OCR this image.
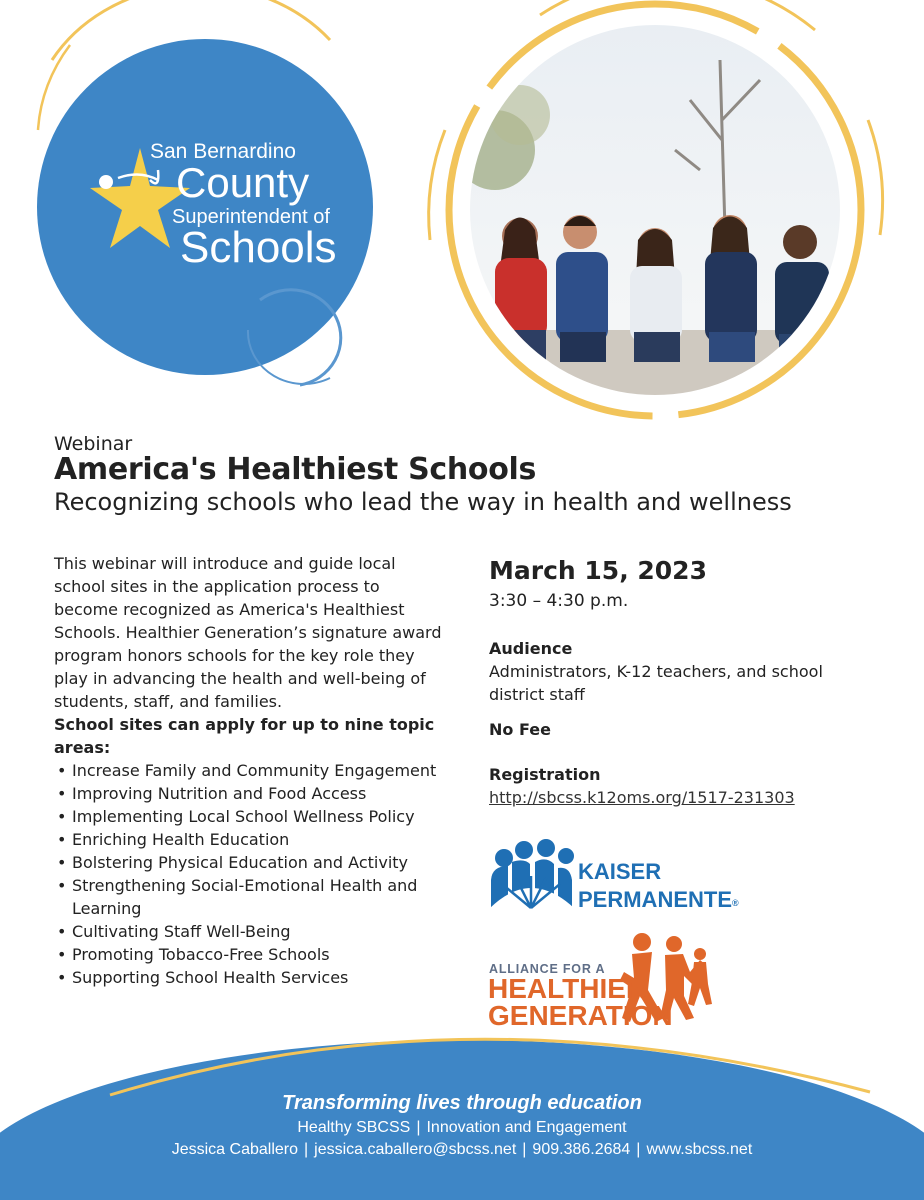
San Bernardino
County
Superintendent of
Schools
Webinar
America's Healthiest Schools
Recognizing schools who lead the way in health and wellness

This webinar will introduce and guide local school sites in the application process to become recognized as America's Healthiest Schools. Healthier Generation’s signature award program honors schools for the key role they play in advancing the health and well-being of students, staff, and families.

School sites can apply for up to nine topic areas:

• Increase Family and Community Engagement
• Improving Nutrition and Food Access
• Implementing Local School Wellness Policy
• Enriching Health Education
• Bolstering Physical Education and Activity
• Strengthening Social-Emotional Health and Learning
• Cultivating Staff Well-Being
• Promoting Tobacco-Free Schools
• Supporting School Health Services
March 15, 2023
3:30 – 4:30 p.m.
Audience
Administrators, K-12 teachers, and school district staff
No Fee
Registration
http://sbcss.k12oms.org/1517-231303
KAISER
PERMANENTE®
ALLIANCE FOR A
HEALTHIER
GENERATION
Transforming lives through education
Healthy SBCSS | Innovation and Engagement
Jessica Caballero | jessica.caballero@sbcss.net | 909.386.2684 | www.sbcss.net
